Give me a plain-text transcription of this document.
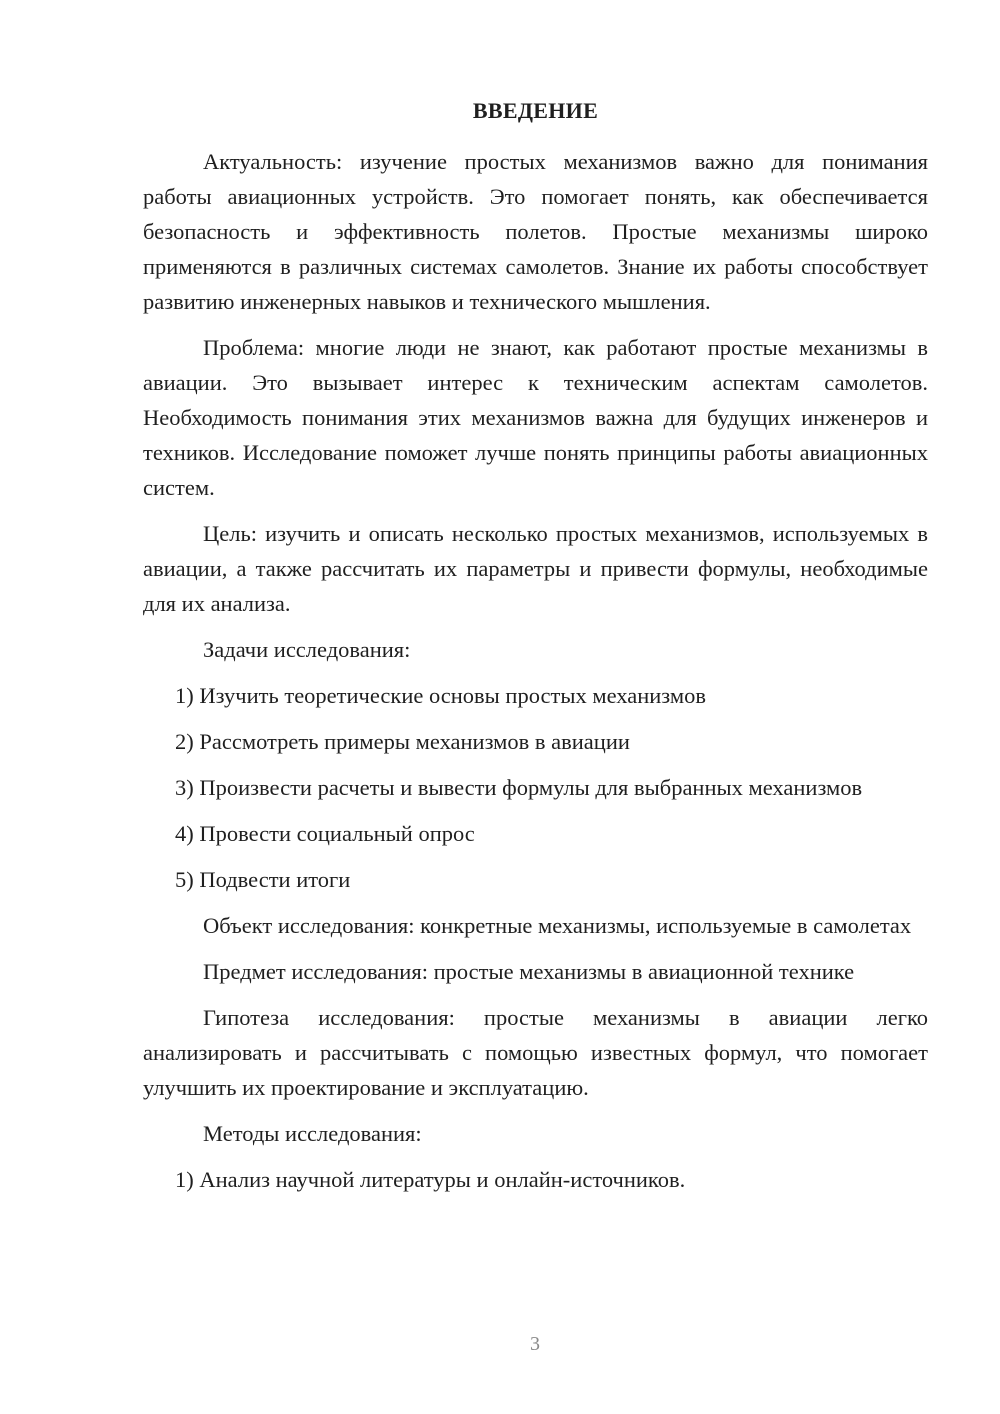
ВВЕДЕНИЕ

Актуальность: изучение простых механизмов важно для понимания работы авиационных устройств. Это помогает понять, как обеспечивается безопасность и эффективность полетов. Простые механизмы широко применяются в различных системах самолетов. Знание их работы способствует развитию инженерных навыков и технического мышления.

Проблема: многие люди не знают, как работают простые механизмы в авиации. Это вызывает интерес к техническим аспектам самолетов. Необходимость понимания этих механизмов важна для будущих инженеров и техников. Исследование поможет лучше понять принципы работы авиационных систем.

Цель: изучить и описать несколько простых механизмов, используемых в авиации, а также рассчитать их параметры и привести формулы, необходимые для их анализа.

Задачи исследования:

1) Изучить теоретические основы простых механизмов

2) Рассмотреть примеры механизмов в авиации

3) Произвести расчеты и вывести формулы для выбранных механизмов

4) Провести социальный опрос

5) Подвести итоги

Объект исследования: конкретные механизмы, используемые в самолетах

Предмет исследования: простые механизмы в авиационной технике

Гипотеза исследования: простые механизмы в авиации легко анализировать и рассчитывать с помощью известных формул, что помогает улучшить их проектирование и эксплуатацию.

Методы исследования:

1) Анализ научной литературы и онлайн-источников.

3
